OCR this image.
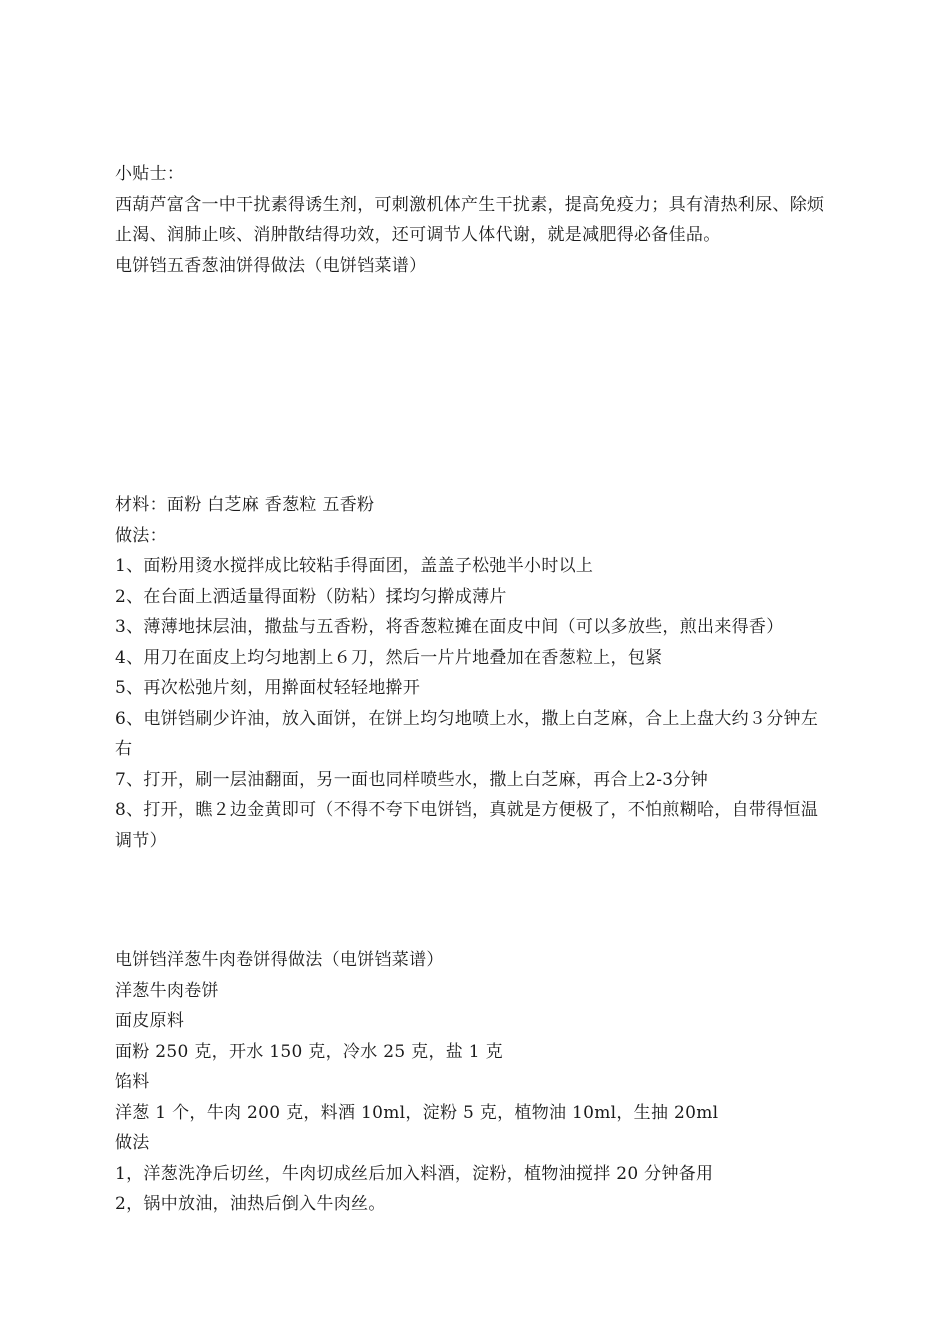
小贴士：

西葫芦富含一中干扰素得诱生剂，可刺激机体产生干扰素，提高免疫力；具有清热利尿、除烦止渴、润肺止咳、消肿散结得功效，还可调节人体代谢，就是减肥得必备佳品。

电饼铛五香葱油饼得做法（电饼铛菜谱）

材料：面粉 白芝麻 香葱粒 五香粉

做法：

1、面粉用烫水搅拌成比较粘手得面团，盖盖子松弛半小时以上

2、在台面上洒适量得面粉（防粘）揉均匀擀成薄片

3、薄薄地抹层油，撒盐与五香粉，将香葱粒摊在面皮中间（可以多放些，煎出来得香）

4、用刀在面皮上均匀地割上６刀，然后一片片地叠加在香葱粒上，包紧

5、再次松弛片刻，用擀面杖轻轻地擀开

6、电饼铛刷少许油，放入面饼，在饼上均匀地喷上水，撒上白芝麻，合上上盘大约３分钟左右

7、打开，刷一层油翻面，另一面也同样喷些水，撒上白芝麻，再合上2-3分钟

8、打开，瞧２边金黄即可（不得不夸下电饼铛，真就是方便极了，不怕煎糊哈，自带得恒温调节）

电饼铛洋葱牛肉卷饼得做法（电饼铛菜谱）

洋葱牛肉卷饼

面皮原料

面粉 250 克，开水 150 克，冷水 25 克，盐 1 克

馅料

洋葱 1 个，牛肉 200 克，料酒 10ml，淀粉 5 克，植物油 10ml，生抽 20ml

做法

1，洋葱洗净后切丝，牛肉切成丝后加入料酒，淀粉，植物油搅拌 20 分钟备用

2，锅中放油，油热后倒入牛肉丝。
